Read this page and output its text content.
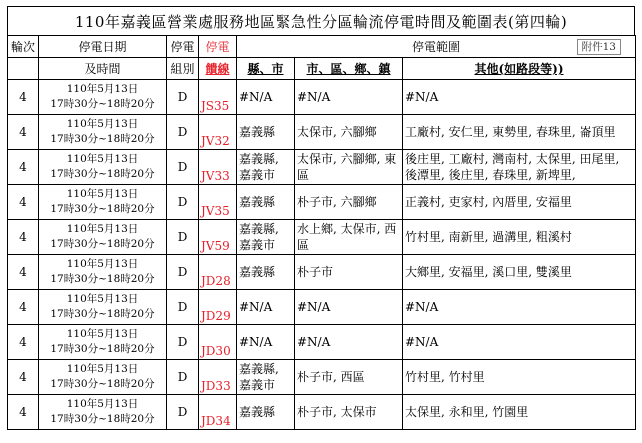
110年嘉義區營業處服務地區緊急性分區輪流停電時間及範圍表(第四輪)
輪次	停電日期	停電	停電	停電範圍 附件13		

	及時間	組別	饋線	縣、市	市、區、鄉、鎮	其他(如路段等))
4	110年5月13日
17時30分~18時20分	D	JS35	#N/A	#N/A	#N/A
4	110年5月13日
17時30分~18時20分	D	JV32	嘉義縣	太保市, 六腳鄉	工廠村, 安仁里, 東勢里, 春珠里, 崙頂里
4	110年5月13日
17時30分~18時20分	D	JV33	嘉義縣, 嘉義市	太保市, 六腳鄉, 東區	後庄里, 工廠村, 灣南村, 太保里, 田尾里, 後潭里, 後庄里, 春珠里, 新埤里,
4	110年5月13日
17時30分~18時20分	D	JV35	嘉義縣	朴子市, 六腳鄉	正義村, 吏家村, 內厝里, 安福里
4	110年5月13日
17時30分~18時20分	D	JV59	嘉義縣, 嘉義市	水上鄉, 太保市, 西區	竹村里, 南新里, 過溝里, 粗溪村
4	110年5月13日
17時30分~18時20分	D	JD28	嘉義縣	朴子市	大鄉里, 安福里, 溪口里, 雙溪里
4	110年5月13日
17時30分~18時20分	D	JD29	#N/A	#N/A	#N/A
4	110年5月13日
17時30分~18時20分	D	JD30	#N/A	#N/A	#N/A
4	110年5月13日
17時30分~18時20分	D	JD33	嘉義縣, 嘉義市	朴子市, 西區	竹村里, 竹村里
4	110年5月13日
17時30分~18時20分	D	JD34	嘉義縣	朴子市, 太保市	太保里, 永和里, 竹園里
